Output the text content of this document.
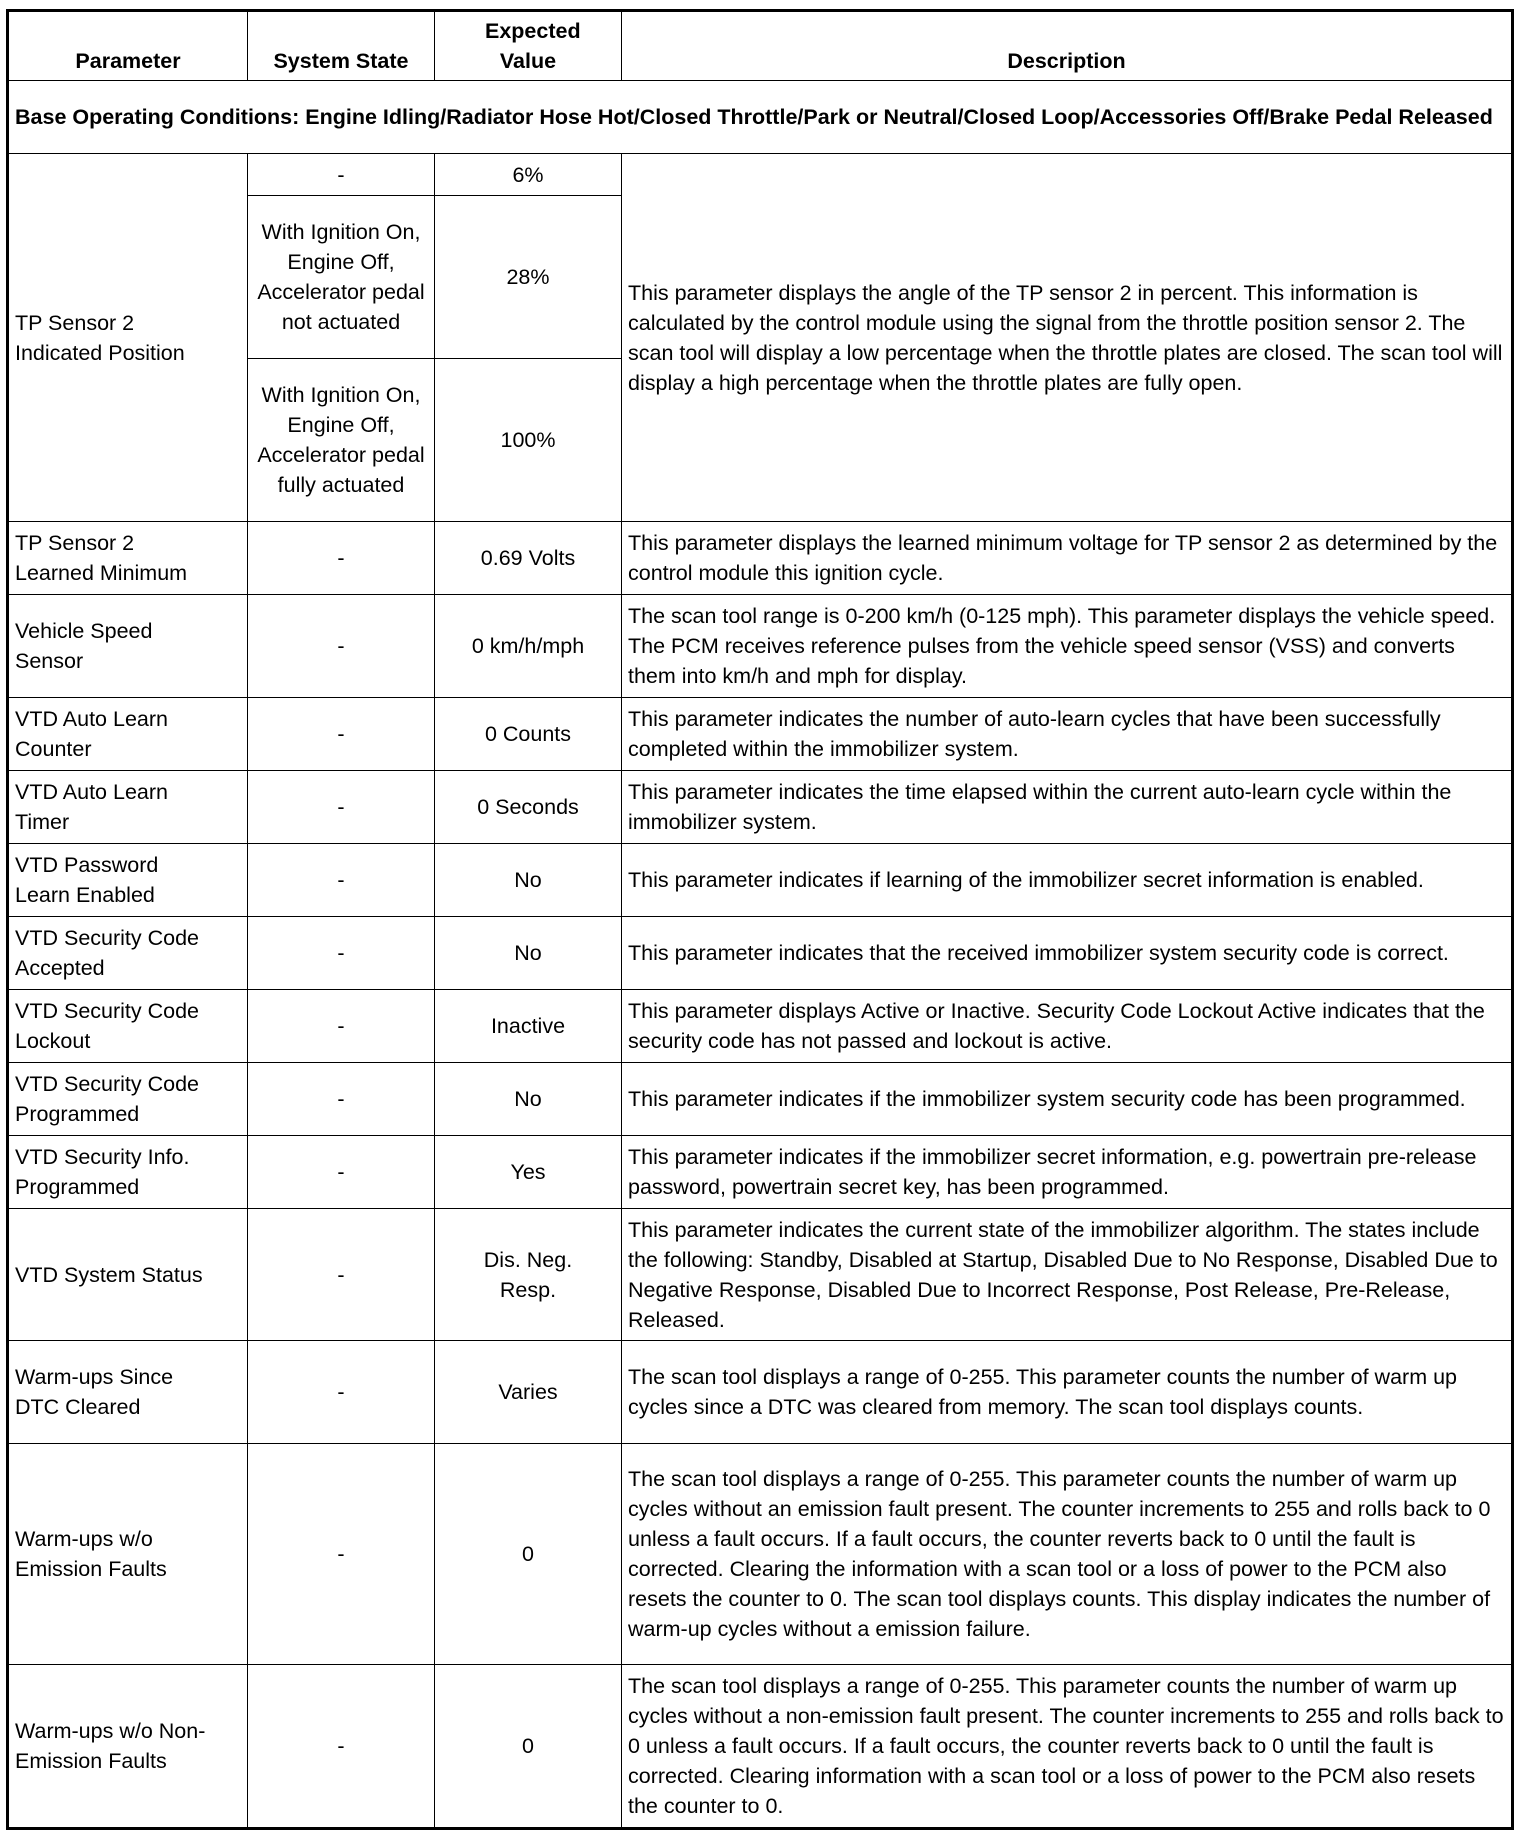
Parameter	System State	Expected Value	Description
Base Operating Conditions: Engine Idling/Radiator Hose Hot/Closed Throttle/Park or Neutral/Closed Loop/Accessories Off/Brake Pedal Released			
TP Sensor 2 Indicated Position	-	6%	This parameter displays the angle of the TP sensor 2 in percent. This information is calculated by the control module using the signal from the throttle position sensor 2. The scan tool will display a low percentage when the throttle plates are closed. The scan tool will display a high percentage when the throttle plates are fully open.
	With Ignition On, Engine Off, Accelerator pedal not actuated	28%	
	With Ignition On, Engine Off, Accelerator pedal fully actuated	100%	
TP Sensor 2 Learned Minimum	-	0.69 Volts	This parameter displays the learned minimum voltage for TP sensor 2 as determined by the control module this ignition cycle.
Vehicle Speed Sensor	-	0 km/h/mph	The scan tool range is 0-200 km/h (0-125 mph). This parameter displays the vehicle speed. The PCM receives reference pulses from the vehicle speed sensor (VSS) and converts them into km/h and mph for display.
VTD Auto Learn Counter	-	0 Counts	This parameter indicates the number of auto-learn cycles that have been successfully completed within the immobilizer system.
VTD Auto Learn Timer	-	0 Seconds	This parameter indicates the time elapsed within the current auto-learn cycle within the immobilizer system.
VTD Password Learn Enabled	-	No	This parameter indicates if learning of the immobilizer secret information is enabled.
VTD Security Code Accepted	-	No	This parameter indicates that the received immobilizer system security code is correct.
VTD Security Code Lockout	-	Inactive	This parameter displays Active or Inactive. Security Code Lockout Active indicates that the security code has not passed and lockout is active.
VTD Security Code Programmed	-	No	This parameter indicates if the immobilizer system security code has been programmed.
VTD Security Info. Programmed	-	Yes	This parameter indicates if the immobilizer secret information, e.g. powertrain pre-release password, powertrain secret key, has been programmed.
VTD System Status	-	Dis. Neg. Resp.	This parameter indicates the current state of the immobilizer algorithm. The states include the following: Standby, Disabled at Startup, Disabled Due to No Response, Disabled Due to Negative Response, Disabled Due to Incorrect Response, Post Release, Pre-Release, Released.
Warm-ups Since DTC Cleared	-	Varies	The scan tool displays a range of 0-255. This parameter counts the number of warm up cycles since a DTC was cleared from memory. The scan tool displays counts.
Warm-ups w/o Emission Faults	-	0	The scan tool displays a range of 0-255. This parameter counts the number of warm up cycles without an emission fault present. The counter increments to 255 and rolls back to 0 unless a fault occurs. If a fault occurs, the counter reverts back to 0 until the fault is corrected. Clearing the information with a scan tool or a loss of power to the PCM also resets the counter to 0. The scan tool displays counts. This display indicates the number of warm-up cycles without a emission failure.
Warm-ups w/o Non-Emission Faults	-	0	The scan tool displays a range of 0-255. This parameter counts the number of warm up cycles without a non-emission fault present. The counter increments to 255 and rolls back to 0 unless a fault occurs. If a fault occurs, the counter reverts back to 0 until the fault is corrected. Clearing information with a scan tool or a loss of power to the PCM also resets the counter to 0.
